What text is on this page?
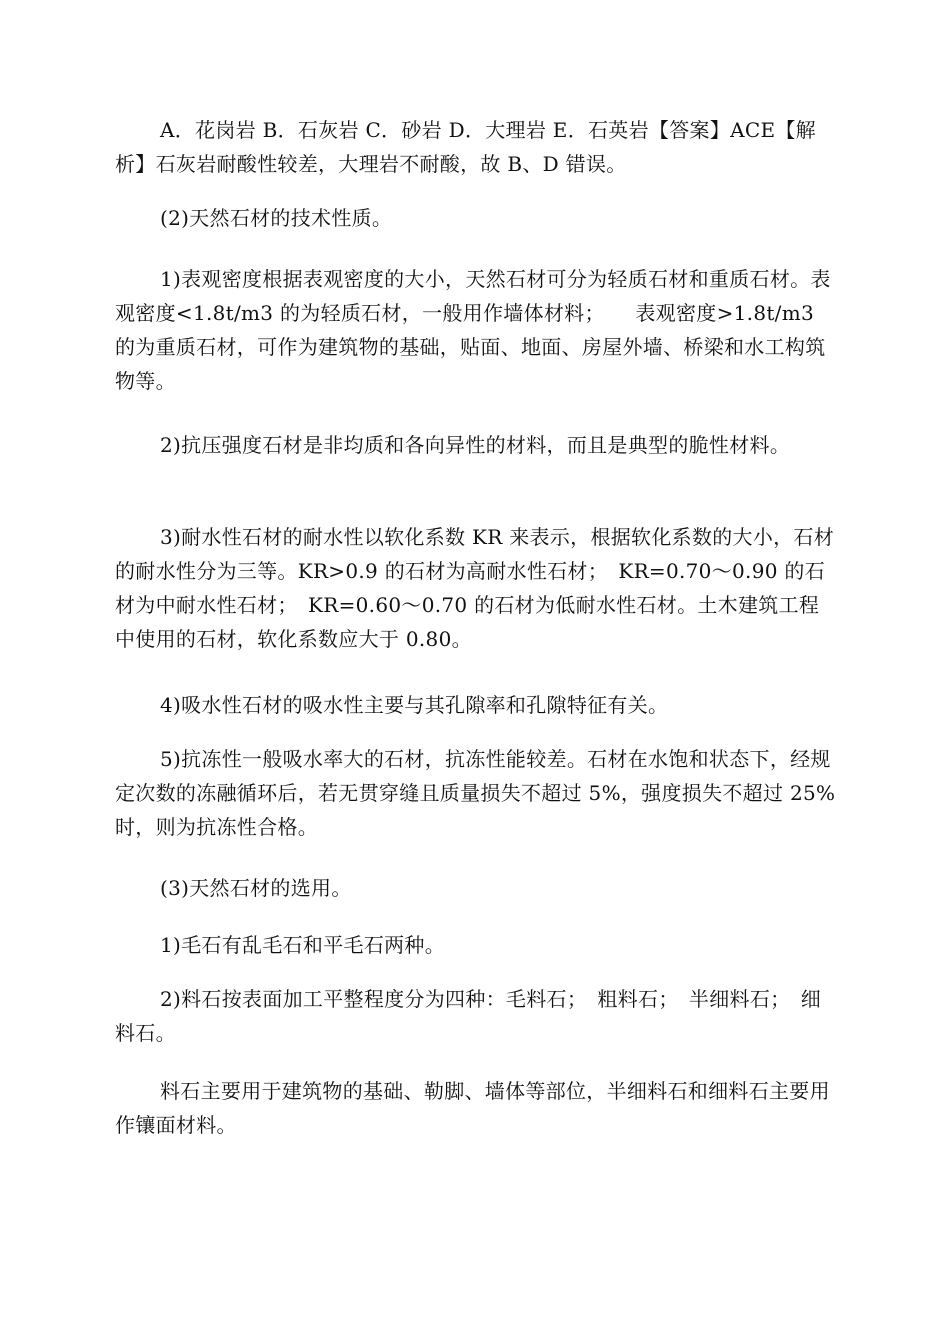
A．花岗岩 B．石灰岩 C．砂岩 D．大理岩 E．石英岩【答案】ACE【解析】石灰岩耐酸性较差，大理岩不耐酸，故 B、D 错误。

(2)天然石材的技术性质。

1)表观密度根据表观密度的大小，天然石材可分为轻质石材和重质石材。表观密度<1.8t/m3 的为轻质石材，一般用作墙体材料；　　表观密度>1.8t/m3 的为重质石材，可作为建筑物的基础，贴面、地面、房屋外墙、桥梁和水工构筑物等。

2)抗压强度石材是非均质和各向异性的材料，而且是典型的脆性材料。

3)耐水性石材的耐水性以软化系数 KR 来表示，根据软化系数的大小，石材的耐水性分为三等。KR>0.9 的石材为高耐水性石材；　KR=0.70～0.90 的石材为中耐水性石材；　KR=0.60～0.70 的石材为低耐水性石材。土木建筑工程中使用的石材，软化系数应大于 0.80。

4)吸水性石材的吸水性主要与其孔隙率和孔隙特征有关。

5)抗冻性一般吸水率大的石材，抗冻性能较差。石材在水饱和状态下，经规定次数的冻融循环后，若无贯穿缝且质量损失不超过 5%，强度损失不超过 25%时，则为抗冻性合格。

(3)天然石材的选用。

1)毛石有乱毛石和平毛石两种。

2)料石按表面加工平整程度分为四种：毛料石；　粗料石；　半细料石；　细料石。

料石主要用于建筑物的基础、勒脚、墙体等部位，半细料石和细料石主要用作镶面材料。
